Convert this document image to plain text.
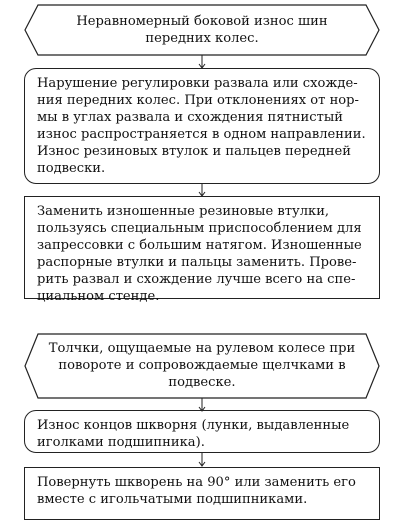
Неравномерный боковой износ шин
передних колес.
Нарушение регулировки развала или схожде-
ния передних колес. При отклонениях от нор-
мы в углах развала и схождения пятнистый
износ распространяется в одном направлении.
Износ резиновых втулок и пальцев передней
подвески.
Заменить изношенные резиновые втулки,
пользуясь специальным приспособлением для
запрессовки с большим натягом. Изношенные
распорные втулки и пальцы заменить. Прове-
рить развал и схождение лучше всего на спе-
циальном стенде.
Толчки, ощущаемые на рулевом колесе при
повороте и сопровождаемые щелчками в
подвеске.
Износ концов шкворня (лунки, выдавленные
иголками подшипника).
Повернуть шкворень на 90° или заменить его
вместе с игольчатыми подшипниками.
